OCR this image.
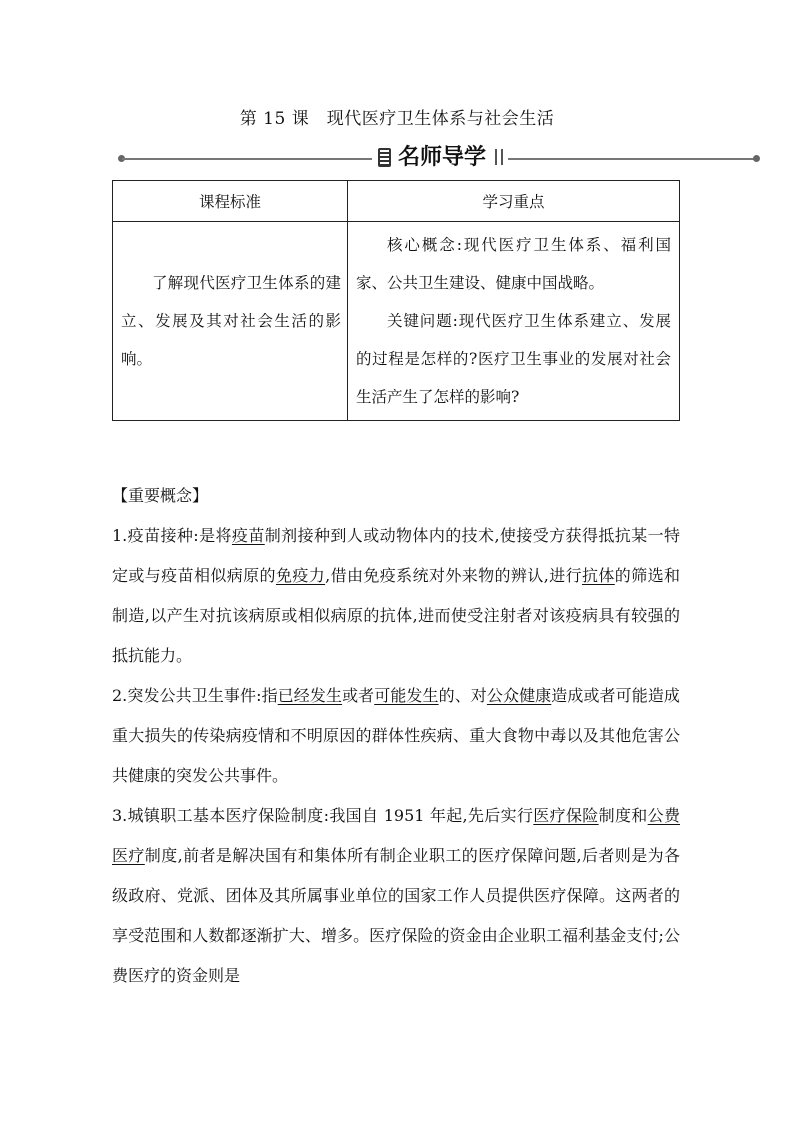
第 15 课　现代医疗卫生体系与社会生活
名师导学
课程标准	学习重点
了解现代医疗卫生体系的建立、发展及其对社会生活的影响。	核心概念:现代医疗卫生体系、福利国家、公共卫生建设、健康中国战略。

关键问题:现代医疗卫生体系建立、发展的过程是怎样的?医疗卫生事业的发展对社会生活产生了怎样的影响?

【重要概念】

1.疫苗接种:是将疫苗制剂接种到人或动物体内的技术,使接受方获得抵抗某一特定或与疫苗相似病原的免疫力,借由免疫系统对外来物的辨认,进行抗体的筛选和制造,以产生对抗该病原或相似病原的抗体,进而使受注射者对该疫病具有较强的抵抗能力。

2.突发公共卫生事件:指已经发生或者可能发生的、对公众健康造成或者可能造成重大损失的传染病疫情和不明原因的群体性疾病、重大食物中毒以及其他危害公共健康的突发公共事件。

3.城镇职工基本医疗保险制度:我国自 1951 年起,先后实行医疗保险制度和公费医疗制度,前者是解决国有和集体所有制企业职工的医疗保障问题,后者则是为各级政府、党派、团体及其所属事业单位的国家工作人员提供医疗保障。这两者的享受范围和人数都逐渐扩大、增多。医疗保险的资金由企业职工福利基金支付;公费医疗的资金则是
